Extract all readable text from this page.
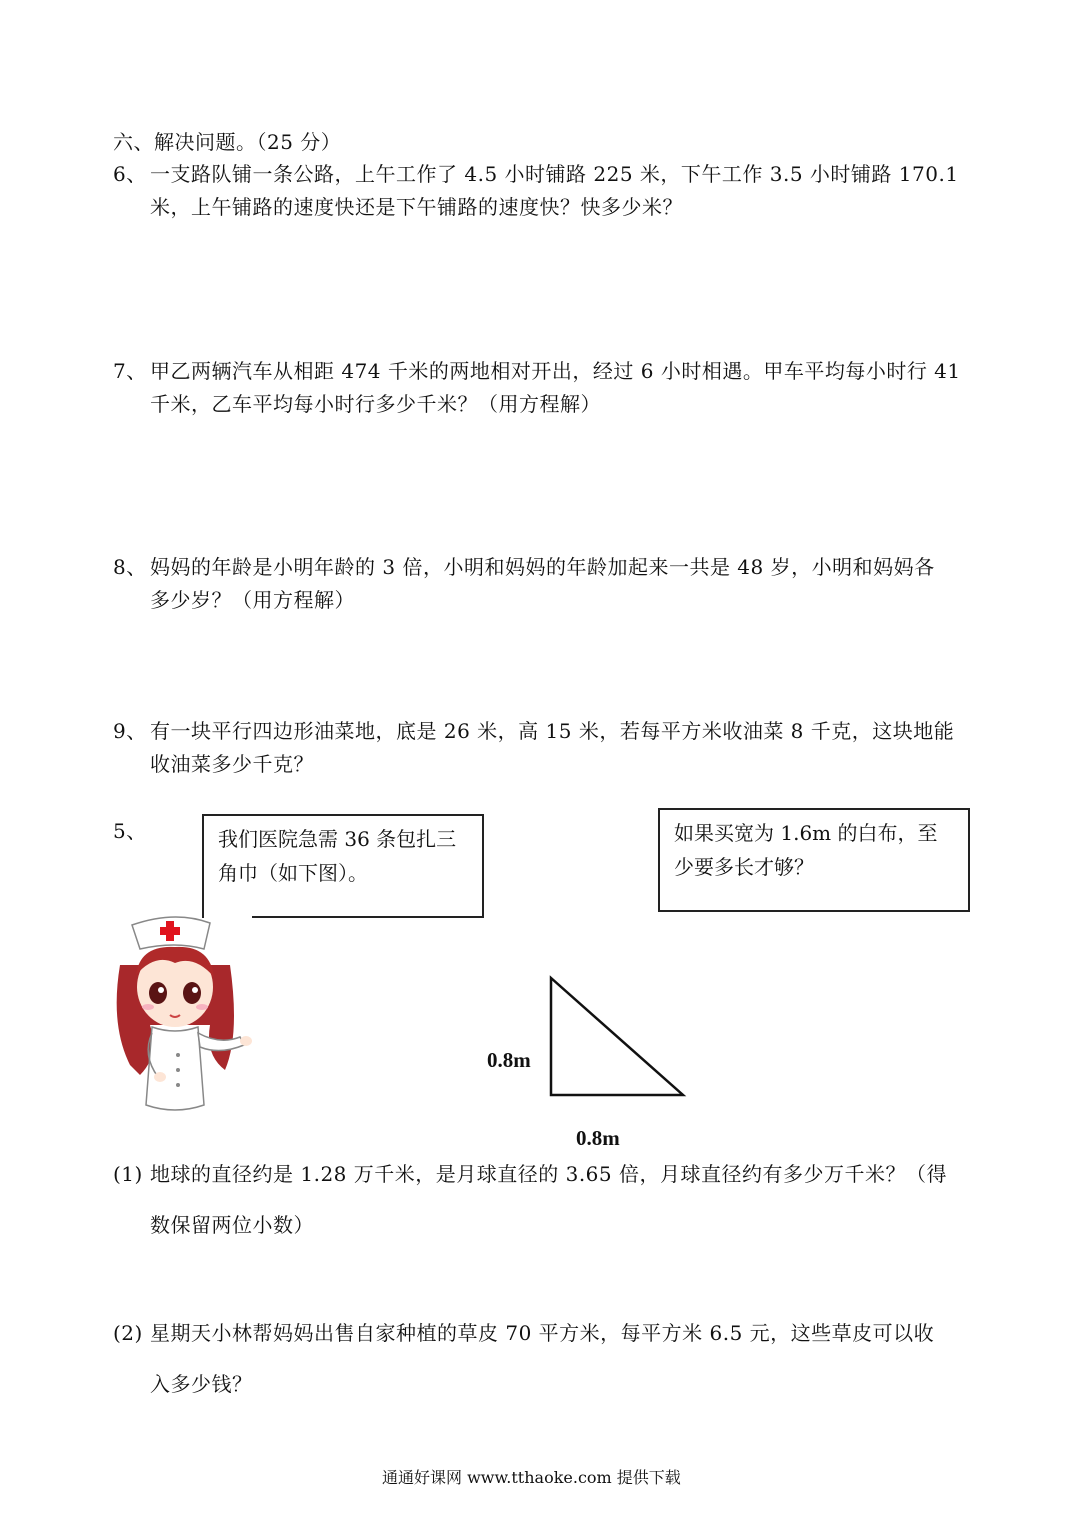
六、解决问题。（25 分）
6、 一支路队铺一条公路，上午工作了 4.5 小时铺路 225 米，下午工作 3.5 小时铺路 170.1
米，上午铺路的速度快还是下午铺路的速度快？快多少米？
7、 甲乙两辆汽车从相距 474 千米的两地相对开出，经过 6 小时相遇。甲车平均每小时行 41
千米，乙车平均每小时行多少千米？（用方程解）
8、 妈妈的年龄是小明年龄的 3 倍，小明和妈妈的年龄加起来一共是 48 岁，小明和妈妈各
多少岁？（用方程解）
9、 有一块平行四边形油菜地，底是 26 米，高 15 米，若每平方米收油菜 8 千克，这块地能
收油菜多少千克？
5、	我们医院急需 36 条包扎三
角巾（如下图）。
如果买宽为 1.6m 的白布，至
少要多长才够？
0.8m
0.8m
(1) 地球的直径约是 1.28 万千米，是月球直径的 3.65 倍，月球直径约有多少万千米？（得
数保留两位小数）
(2) 星期天小林帮妈妈出售自家种植的草皮 70 平方米，每平方米 6.5 元，这些草皮可以收
入多少钱？
通通好课网 www.tthaoke.com 提供下载
